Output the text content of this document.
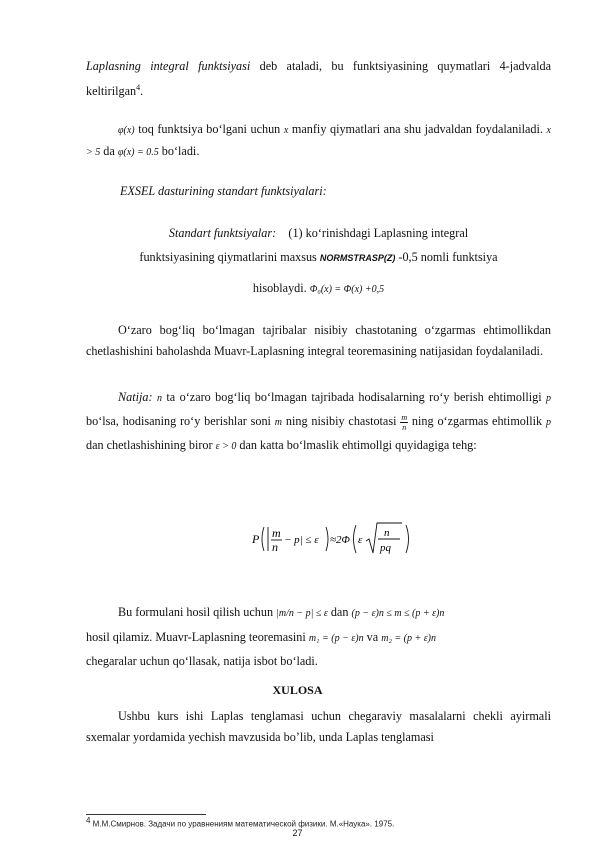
Laplasning integral funktsiyasi deb ataladi, bu funktsiyasining quymatlari 4-jadvalda keltirilgan$^4$.
φ(x) toq funktsiya bo‘lgani uchun x manfiy qiymatlari ana shu jadvaldan foydalaniladi. x > 5 da φ(x) = 0.5 bo‘ladi.
EXSEL dasturining standart funktsiyalari:
Standart funktsiyalar: (1) ko‘rinishdagi Laplasning integral
funktsiyasining qiymatlarini maxsus NORMSTRASP(Z) -0,5 nomli funktsiya
hisoblaydi. Φ₀(x) = Φ(x) +0,5
O‘zaro bog‘liq bo‘lmagan tajribalar nisibiy chastotaning o‘zgarmas ehtimollikdan chetlashishini baholashda Muavr-Laplasning integral teoremasining natijasidan foydalaniladi.
Natija: n ta o‘zaro bog‘liq bo‘lmagan tajribada hodisalarning ro‘y berish ehtimolligi p bo‘lsa, hodisaning ro‘y berishlar soni m ning nisibiy chastotasi $\frac{m}{n}$ ning o‘zgarmas ehtimollik p dan chetlashishining biror ε > 0 dan katta bo‘lmaslik ehtimollgi quyidagiga tehg:
P m
n − p| ≤ ε ≈2Φ ε
n
pq
Bu formulani hosil qilish uchun |m/n − p| ≤ ε dan (p − ε)n ≤ m ≤ (p + ε)n
hosil qilamiz. Muavr-Laplasning teoremasini m₁ = (p − ε)n va m₂ = (p + ε)n
chegaralar uchun qo‘llasak, natija isbot bo‘ladi.
XULOSA
Ushbu kurs ishi Laplas tenglamasi uchun chegaraviy masalalarni chekli ayirmali sxemalar yordamida yechish mavzusida bo’lib, unda Laplas tenglamasi
$^4$ М.М.Смирнов. Задачи по уравнениям математической физики. М.«Наука». 1975.
27
